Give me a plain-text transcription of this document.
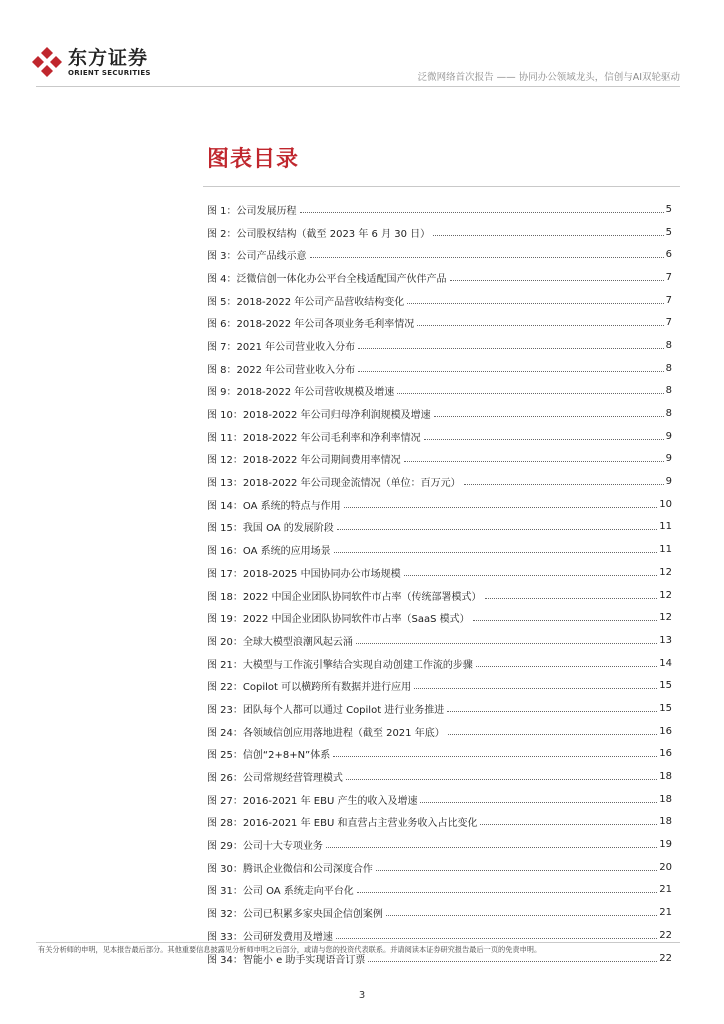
东方证券
ORIENT SECURITIES	泛微网络首次报告 —— 协同办公领域龙头，信创与AI双轮驱动
图表目录
图 1： 公司发展历程	5
图 2： 公司股权结构（截至 2023 年 6 月 30 日）	5
图 3： 公司产品线示意	6
图 4： 泛微信创一体化办公平台全栈适配国产伙伴产品	7
图 5： 2018-2022 年公司产品营收结构变化	7
图 6： 2018-2022 年公司各项业务毛利率情况	7
图 7： 2021 年公司营业收入分布	8
图 8： 2022 年公司营业收入分布	8
图 9： 2018-2022 年公司营收规模及增速	8
图 10： 2018-2022 年公司归母净利润规模及增速	8
图 11： 2018-2022 年公司毛利率和净利率情况	9
图 12： 2018-2022 年公司期间费用率情况	9
图 13： 2018-2022 年公司现金流情况（单位：百万元）	9
图 14： OA 系统的特点与作用	10
图 15： 我国 OA 的发展阶段	11
图 16： OA 系统的应用场景	11
图 17： 2018-2025 中国协同办公市场规模	12
图 18： 2022 中国企业团队协同软件市占率（传统部署模式）	12
图 19： 2022 中国企业团队协同软件市占率（SaaS 模式）	12
图 20： 全球大模型浪潮风起云涌	13
图 21： 大模型与工作流引擎结合实现自动创建工作流的步骤	14
图 22： Copilot 可以横跨所有数据并进行应用	15
图 23： 团队每个人都可以通过 Copilot 进行业务推进	15
图 24： 各领域信创应用落地进程（截至 2021 年底）	16
图 25： 信创“2+8+N”体系	16
图 26： 公司常规经营管理模式	18
图 27： 2016-2021 年 EBU 产生的收入及增速	18
图 28： 2016-2021 年 EBU 和直营占主营业务收入占比变化	18
图 29： 公司十大专项业务	19
图 30： 腾讯企业微信和公司深度合作	20
图 31： 公司 OA 系统走向平台化	21
图 32： 公司已积累多家央国企信创案例	21
图 33： 公司研发费用及增速	22
图 34： 智能小 e 助手实现语音订票	22
有关分析师的申明，见本报告最后部分。其他重要信息披露见分析师申明之后部分，或请与您的投资代表联系。并请阅读本证券研究报告最后一页的免责申明。
3
